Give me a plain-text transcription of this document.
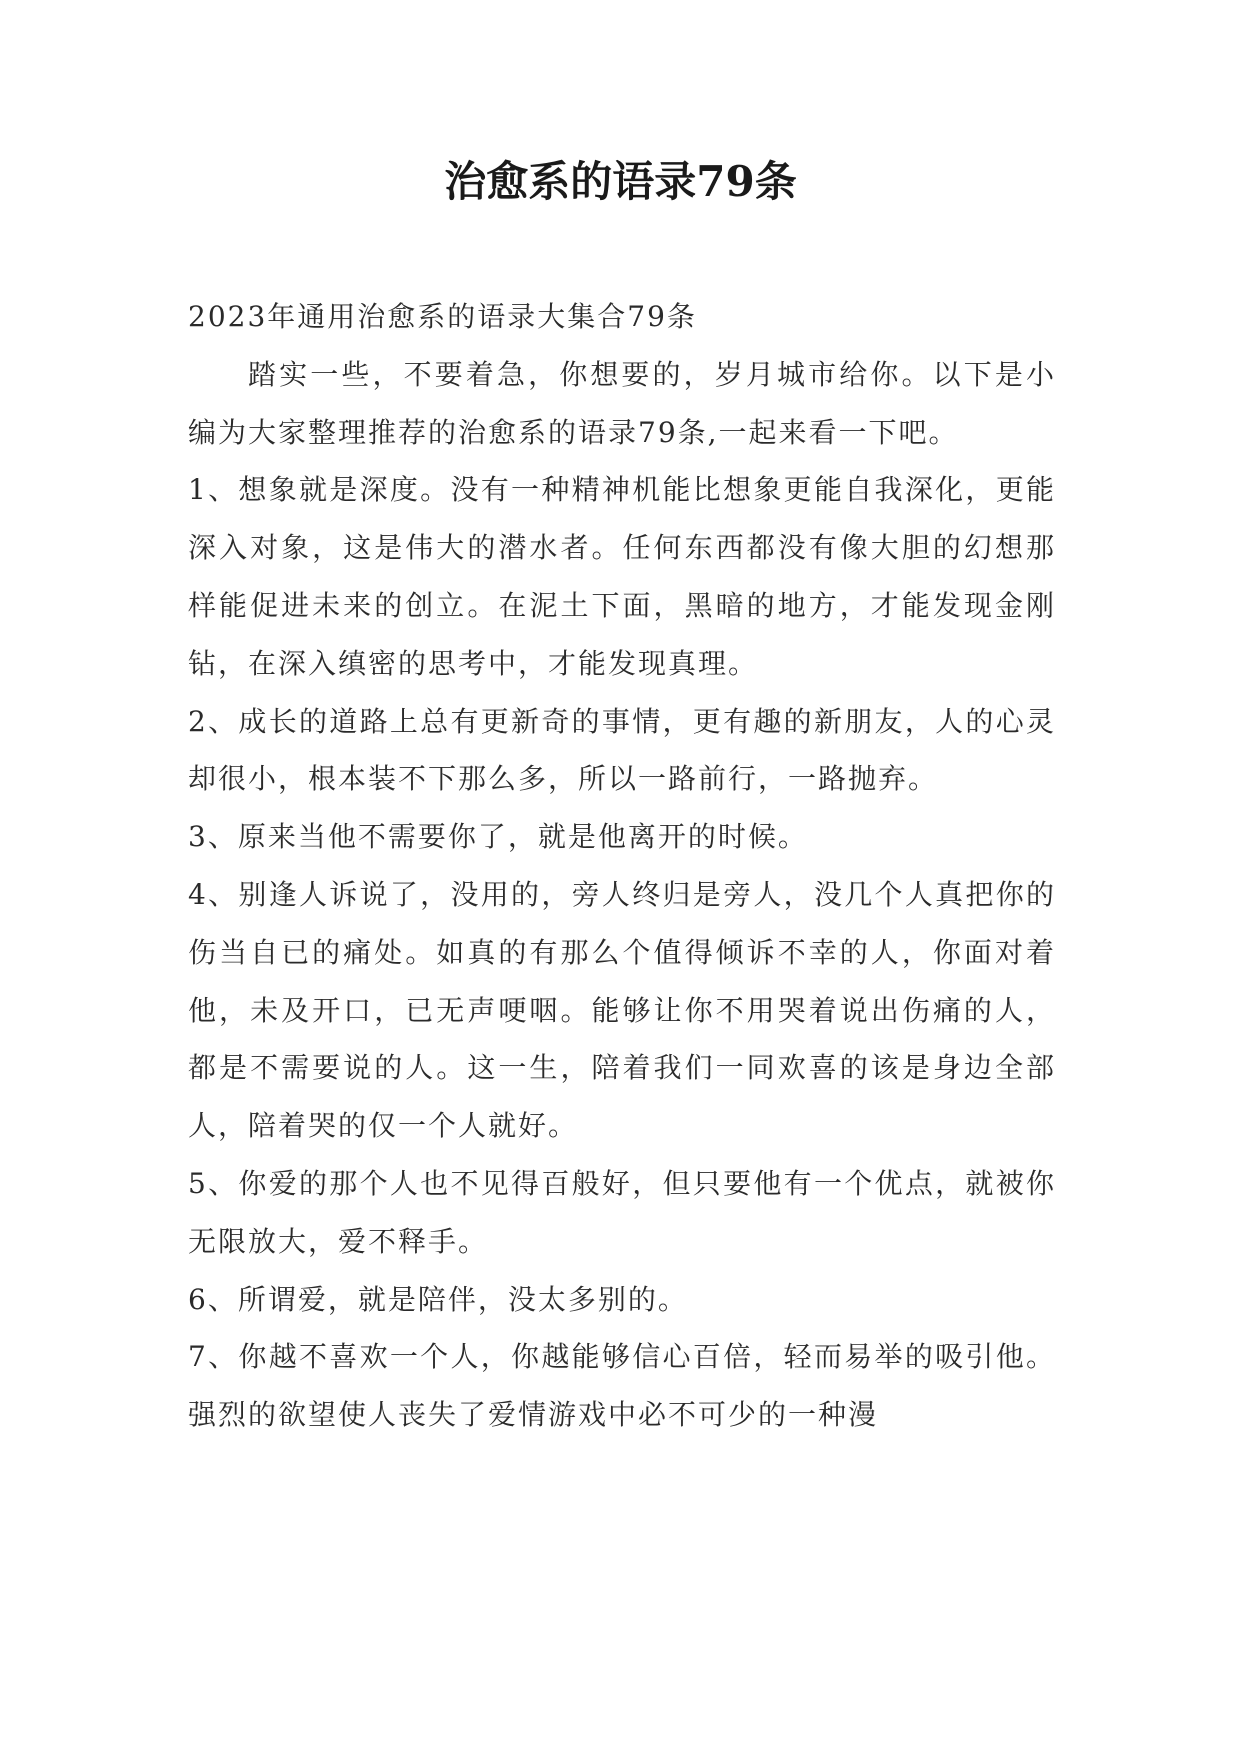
治愈系的语录79条

2023年通用治愈系的语录大集合79条

踏实一些，不要着急，你想要的，岁月城市给你。以下是小编为大家整理推荐的治愈系的语录79条,一起来看一下吧。

1、想象就是深度。没有一种精神机能比想象更能自我深化，更能深入对象，这是伟大的潜水者。任何东西都没有像大胆的幻想那样能促进未来的创立。在泥土下面，黑暗的地方，才能发现金刚钻，在深入缜密的思考中，才能发现真理。

2、成长的道路上总有更新奇的事情，更有趣的新朋友，人的心灵却很小，根本装不下那么多，所以一路前行，一路抛弃。

3、原来当他不需要你了，就是他离开的时候。

4、别逢人诉说了，没用的，旁人终归是旁人，没几个人真把你的伤当自已的痛处。如真的有那么个值得倾诉不幸的人，你面对着他，未及开口，已无声哽咽。能够让你不用哭着说出伤痛的人，都是不需要说的人。这一生，陪着我们一同欢喜的该是身边全部人，陪着哭的仅一个人就好。

5、你爱的那个人也不见得百般好，但只要他有一个优点，就被你无限放大，爱不释手。

6、所谓爱，就是陪伴，没太多别的。

7、你越不喜欢一个人，你越能够信心百倍，轻而易举的吸引他。强烈的欲望使人丧失了爱情游戏中必不可少的一种漫
